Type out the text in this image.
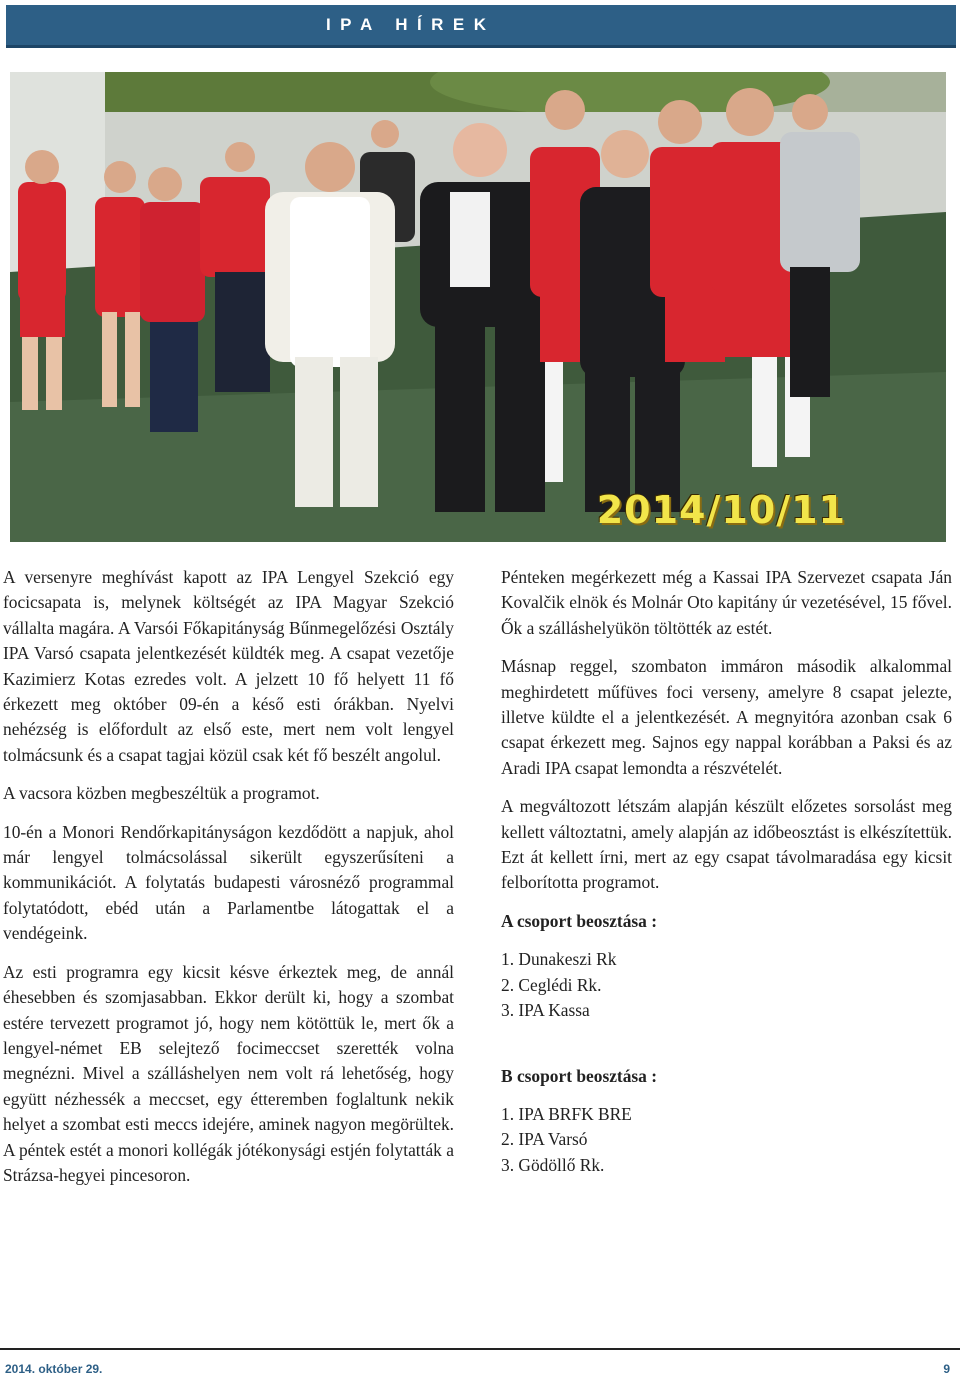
I  P  A     H  Í  R  E  K
2014/10/11

A versenyre meghívást kapott az IPA Lengyel Szekció egy focicsapata is, melynek költségét az IPA Magyar Szekció vállalta magára. A Varsói Főkapitányság Bűnmegelőzési Osztály IPA Varsó csapata jelentkezését küldték meg. A csapat vezetője Kazimierz Kotas ezredes volt. A jelzett 10 fő helyett 11 fő érkezett meg október 09-én a késő esti órákban. Nyelvi nehézség is előfordult az első este, mert nem volt lengyel tolmácsunk és a csapat tagjai közül csak két fő beszélt angolul.

A vacsora közben megbeszéltük a programot.

10-én a Monori Rendőrkapitányságon kezdődött a napjuk, ahol már lengyel tolmácsolással sikerült egyszerűsíteni a kommunikációt. A folytatás budapesti városnéző programmal folytatódott, ebéd után a Parlamentbe látogattak el a vendégeink.

Az esti programra egy kicsit késve érkeztek meg, de annál éhesebben és szomjasabban. Ekkor derült ki, hogy a szombat estére tervezett programot jó, hogy nem kötöttük le, mert ők a lengyel-német EB selejtező focimeccset szerették volna megnézni. Mivel a szálláshelyen nem volt rá lehetőség, hogy együtt nézhessék a meccset, egy étteremben foglaltunk nekik helyet a szombat esti meccs idejére, aminek nagyon megörültek. A péntek estét a monori kollégák jótékonysági estjén folytatták a Strázsa-hegyei pincesoron.

Pénteken megérkezett még a Kassai IPA Szervezet csapata Ján Kovalčik elnök és Molnár Oto kapitány úr vezetésével, 15 fővel. Ők a szálláshelyükön töltötték az estét.

Másnap reggel, szombaton immáron második alkalommal meghirdetett műfüves foci verseny, amelyre 8 csapat jelezte, illetve küldte el a jelentkezését. A megnyitóra azonban csak 6 csapat érkezett meg. Sajnos egy nappal korábban a Paksi és az Aradi IPA csapat lemondta a részvételét.

A megváltozott létszám alapján készült előzetes sorsolást meg kellett változtatni, amely alapján az időbeosztást is elkészítettük. Ezt át kellett írni, mert az egy csapat távolmaradása egy kicsit felborította programot.

A csoport beosztása :

1. Dunakeszi Rk
2. Ceglédi Rk.
3. IPA Kassa

B csoport beosztása :

1. IPA BRFK BRE
2. IPA Varsó
3. Gödöllő Rk.
2014. október 29.	9
